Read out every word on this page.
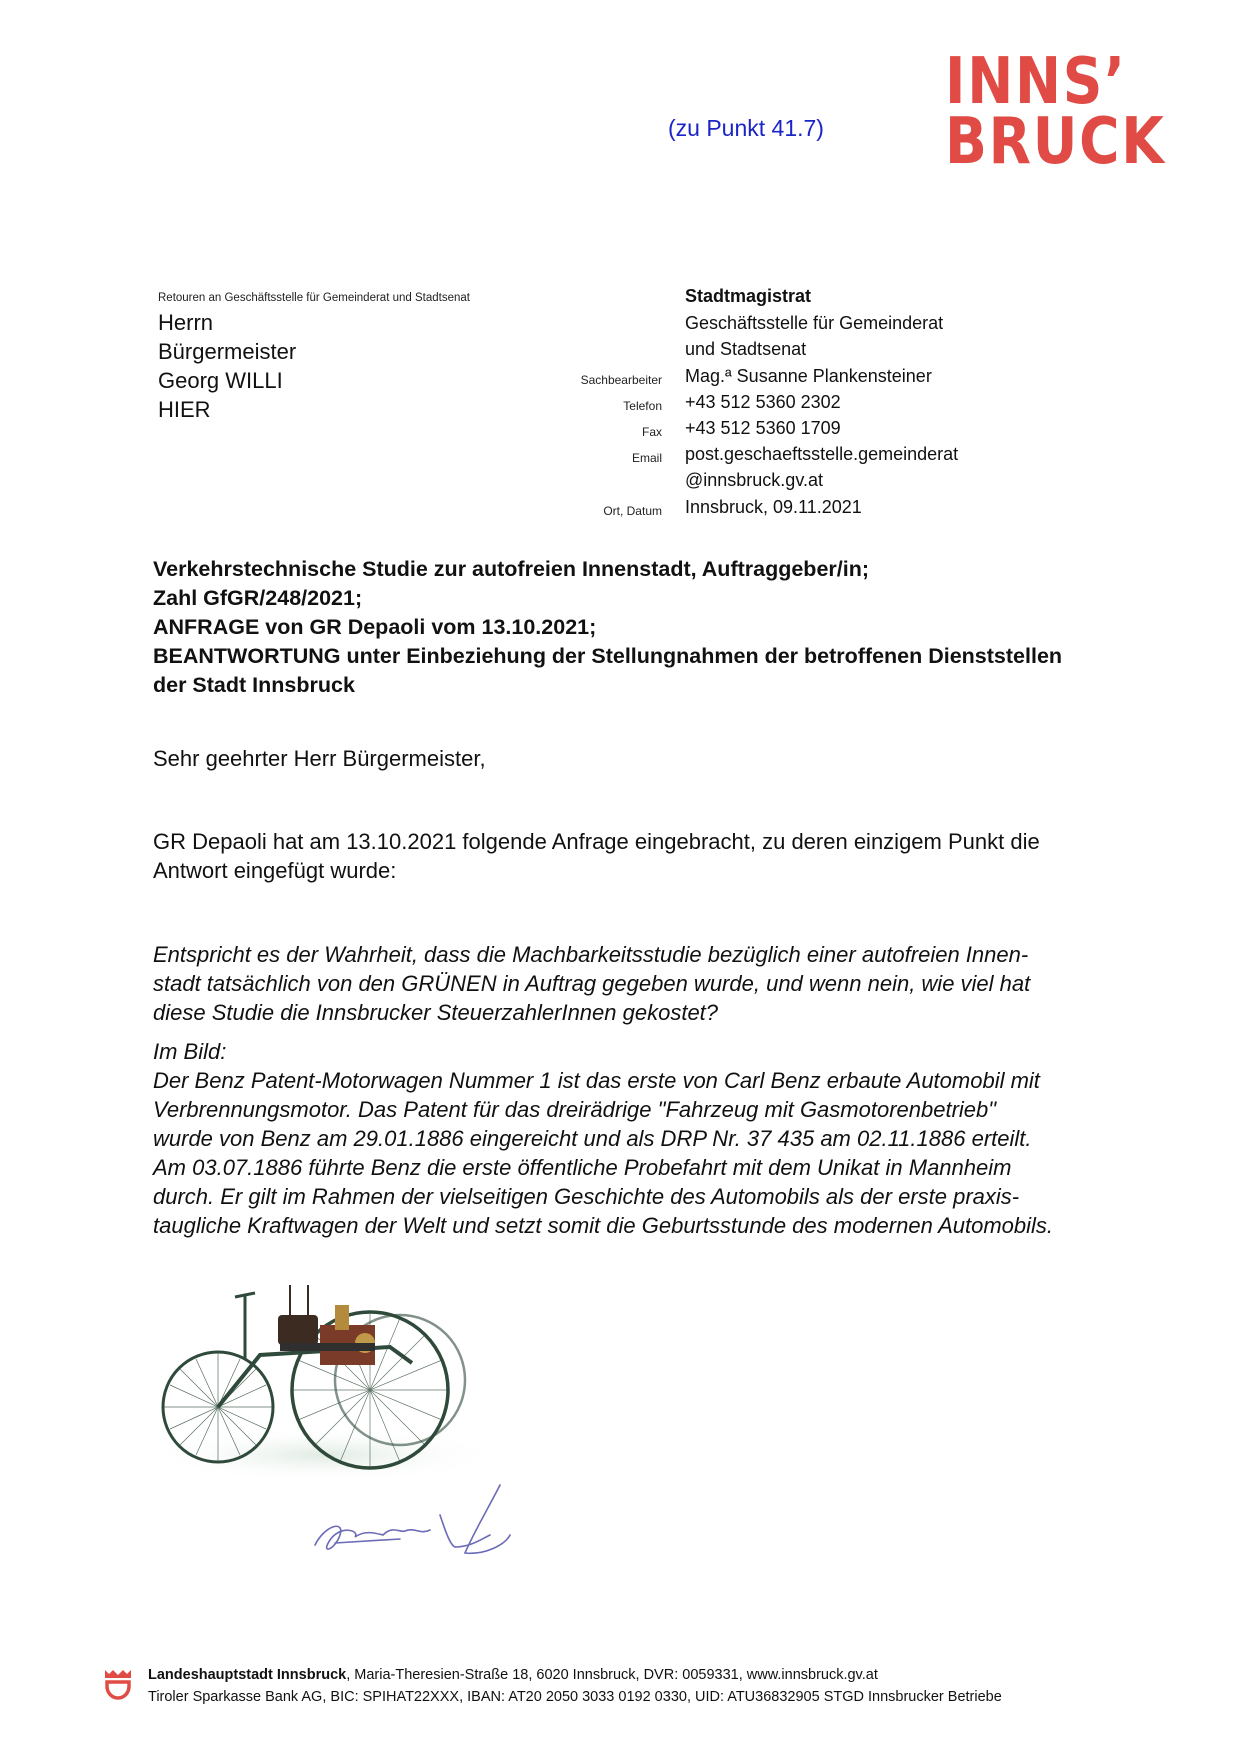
(zu Punkt 41.7)
INNS’
BRUCK
Retouren an Geschäftsstelle für Gemeinderat und Stadtsenat
Herrn
Bürgermeister
Georg WILLI
HIER
Stadtmagistrat
Geschäftsstelle für Gemeinderat
und Stadtsenat
Sachbearbeiter Mag.ª Susanne Plankensteiner
Telefon +43 512 5360 2302
Fax +43 512 5360 1709
Email post.geschaeftsstelle.gemeinderat
@innsbruck.gv.at
Ort, Datum Innsbruck, 09.11.2021
Verkehrstechnische Studie zur autofreien Innenstadt, Auftraggeber/in;
Zahl GfGR/248/2021;
ANFRAGE von GR Depaoli vom 13.10.2021;
BEANTWORTUNG unter Einbeziehung der Stellungnahmen der betroffenen Dienststellen
der Stadt Innsbruck
Sehr geehrter Herr Bürgermeister,
GR Depaoli hat am 13.10.2021 folgende Anfrage eingebracht, zu deren einzigem Punkt die
Antwort eingefügt wurde:
Entspricht es der Wahrheit, dass die Machbarkeitsstudie bezüglich einer autofreien Innen-
stadt tatsächlich von den GRÜNEN in Auftrag gegeben wurde, und wenn nein, wie viel hat
diese Studie die Innsbrucker SteuerzahlerInnen gekostet?
Im Bild:
Der Benz Patent-Motorwagen Nummer 1 ist das erste von Carl Benz erbaute Automobil mit
Verbrennungsmotor. Das Patent für das dreirädrige "Fahrzeug mit Gasmotorenbetrieb"
wurde von Benz am 29.01.1886 eingereicht und als DRP Nr. 37 435 am 02.11.1886 erteilt.
Am 03.07.1886 führte Benz die erste öffentliche Probefahrt mit dem Unikat in Mannheim
durch. Er gilt im Rahmen der vielseitigen Geschichte des Automobils als der erste praxis-
taugliche Kraftwagen der Welt und setzt somit die Geburtsstunde des modernen Automobils.
Landeshauptstadt Innsbruck, Maria-Theresien-Straße 18, 6020 Innsbruck, DVR: 0059331, www.innsbruck.gv.at
Tiroler Sparkasse Bank AG, BIC: SPIHAT22XXX, IBAN: AT20 2050 3033 0192 0330, UID: ATU36832905 STGD Innsbrucker Betriebe
